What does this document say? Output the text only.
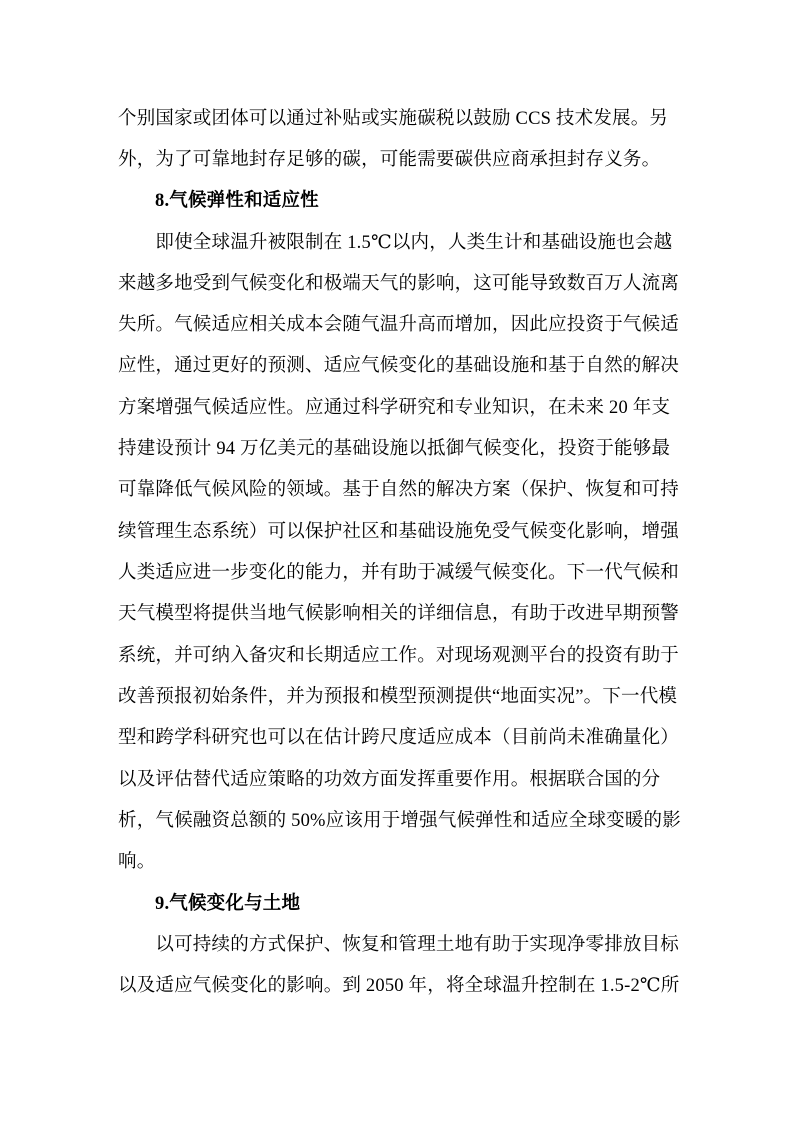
个别国家或团体可以通过补贴或实施碳税以鼓励 CCS 技术发展。另
外，为了可靠地封存足够的碳，可能需要碳供应商承担封存义务。
8.气候弹性和适应性
　　即使全球温升被限制在 1.5℃以内，人类生计和基础设施也会越
来越多地受到气候变化和极端天气的影响，这可能导致数百万人流离
失所。气候适应相关成本会随气温升高而增加，因此应投资于气候适
应性，通过更好的预测、适应气候变化的基础设施和基于自然的解决
方案增强气候适应性。应通过科学研究和专业知识，在未来 20 年支
持建设预计 94 万亿美元的基础设施以抵御气候变化，投资于能够最
可靠降低气候风险的领域。基于自然的解决方案（保护、恢复和可持
续管理生态系统）可以保护社区和基础设施免受气候变化影响，增强
人类适应进一步变化的能力，并有助于减缓气候变化。下一代气候和
天气模型将提供当地气候影响相关的详细信息，有助于改进早期预警
系统，并可纳入备灾和长期适应工作。对现场观测平台的投资有助于
改善预报初始条件，并为预报和模型预测提供“地面实况”。下一代模
型和跨学科研究也可以在估计跨尺度适应成本（目前尚未准确量化）
以及评估替代适应策略的功效方面发挥重要作用。根据联合国的分
析，气候融资总额的 50%应该用于增强气候弹性和适应全球变暖的影
响。
9.气候变化与土地
　　以可持续的方式保护、恢复和管理土地有助于实现净零排放目标
以及适应气候变化的影响。到 2050 年，将全球温升控制在 1.5-2℃所
